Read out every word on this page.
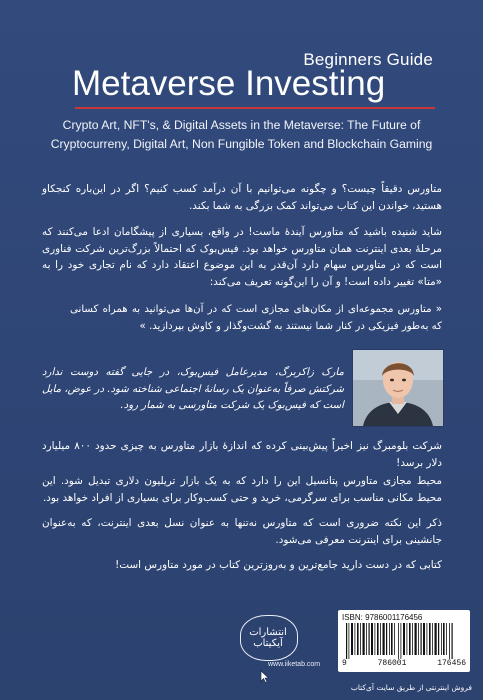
Beginners Guide
Metaverse Investing
Crypto Art, NFT's, & Digital Assets in the Metaverse: The Future of Cryptocurreny, Digital Art, Non Fungible Token and Blockchain Gaming
متاورس دقیقاً چیست؟ و چگونه می‌توانیم با آن درآمد کسب کنیم؟ اگر در این‌باره کنجکاو هستید، خواندن این کتاب می‌تواند کمک بزرگی به شما بکند.
شاید شنیده باشید که متاورس آیندهٔ ماست! در واقع، بسیاری از پیشگامان ادعا می‌کنند که مرحلهٔ بعدی اینترنت همان متاورس خواهد بود. فیس‌بوک که احتمالاً بزرگ‌ترین شرکت فناوری است که در متاورس سهام دارد آن‌قدر به این موضوع اعتقاد دارد که نام تجاری خود را به «متا» تغییر داده است! و آن را این‌گونه تعریف می‌کند:
« متاورس مجموعه‌ای از مکان‌های مجازی است که در آن‌ها می‌توانید به همراه کسانی که به‌طور فیزیکی در کنار شما نیستند به گشت‌وگذار و کاوش بپردازید. »
مارک زاکربرگ، مدیرعامل فیس‌بوک، در جایی گفته دوست ندارد شرکتش صرفاً به‌عنوان یک رسانهٔ اجتماعی شناخته شود. در عوض، مایل است که فیس‌بوک یک شرکت متاورسی به شمار رود.
شرکت بلومبرگ نیز اخیراً پیش‌بینی کرده که اندازهٔ بازار متاورس به چیزی حدود ۸۰۰ میلیارد دلار برسد!
محیط مجازی متاورس پتانسیل این را دارد که به یک بازار تریلیون دلاری تبدیل شود. این محیط مکانی مناسب برای سرگرمی، خرید و حتی کسب‌وکار برای بسیاری از افراد خواهد بود.
ذکر این نکته ضروری است که متاورس نه‌تنها به عنوان نسل بعدی اینترنت، که به‌عنوان جانشینی برای اینترنت معرفی می‌شود.
کتابی که در دست دارید جامع‌ترین و به‌روزترین کتاب در مورد متاورس است!
انتشارات آیکیتاب
www.iiketab.com
فروش اینترنتی از طریق سایت آی‌کتاب
ISBN: 9786001176456
9	786001	176456
